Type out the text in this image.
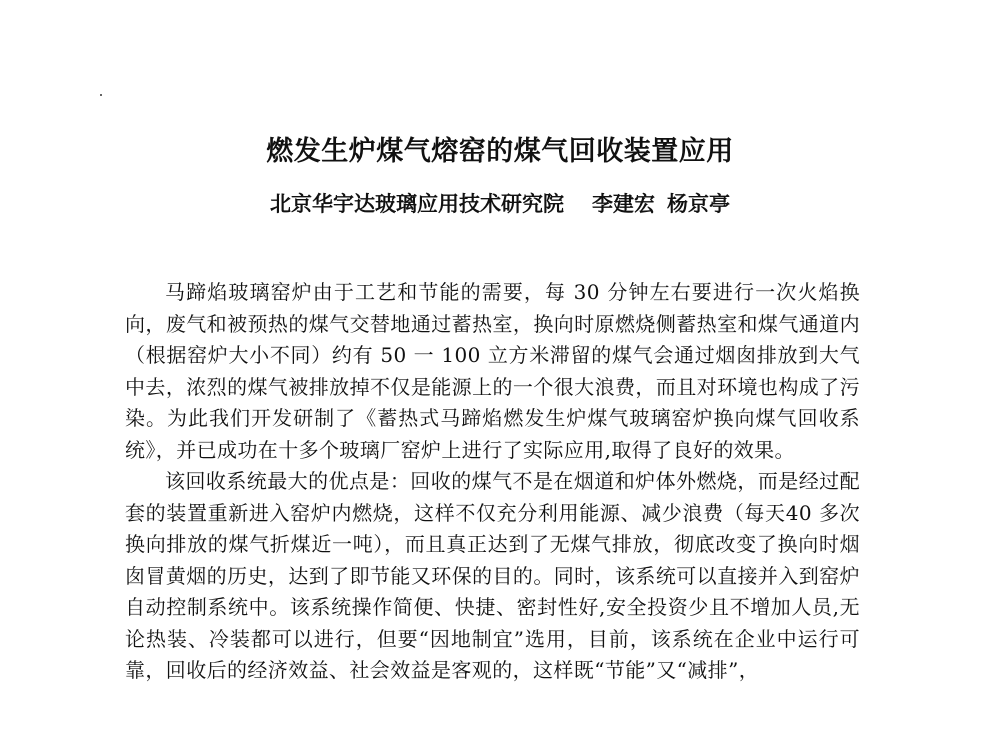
燃发生炉煤气熔窑的煤气回收装置应用
北京华宇达玻璃应用技术研究院 李建宏 杨京亭

马蹄焰玻璃窑炉由于工艺和节能的需要，每 30 分钟左右要进行一次火焰换向，废气和被预热的煤气交替地通过蓄热室，换向时原燃烧侧蓄热室和煤气通道内（根据窑炉大小不同）约有 50 一 100 立方米滞留的煤气会通过烟囱排放到大气中去，浓烈的煤气被排放掉不仅是能源上的一个很大浪费，而且对环境也构成了污染。为此我们开发研制了《蓄热式马蹄焰燃发生炉煤气玻璃窑炉换向煤气回收系统》，并已成功在十多个玻璃厂窑炉上进行了实际应用,取得了良好的效果。

该回收系统最大的优点是：回收的煤气不是在烟道和炉体外燃烧，而是经过配套的装置重新进入窑炉内燃烧，这样不仅充分利用能源、减少浪费（每天40 多次换向排放的煤气折煤近一吨），而且真正达到了无煤气排放，彻底改变了换向时烟囱冒黄烟的历史，达到了即节能又环保的目的。同时，该系统可以直接并入到窑炉自动控制系统中。该系统操作简便、快捷、密封性好,安全投资少且不增加人员,无论热装、冷装都可以进行，但要“因地制宜”选用，目前，该系统在企业中运行可靠，回收后的经济效益、社会效益是客观的，这样既“节能”又“减排”，
